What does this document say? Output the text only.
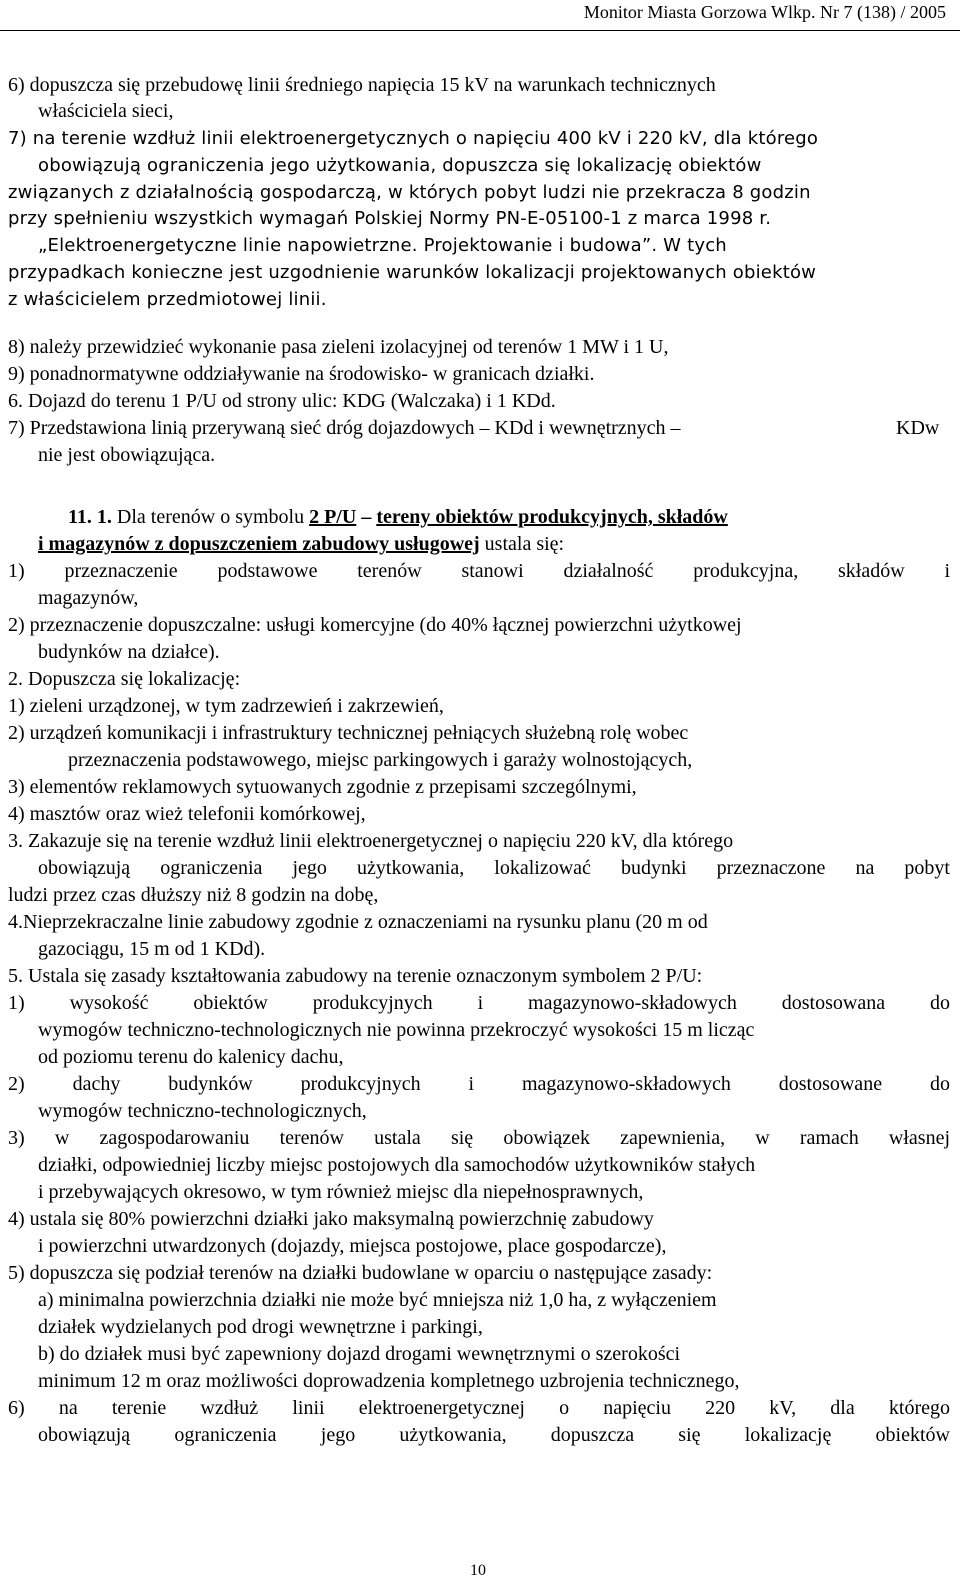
Monitor Miasta Gorzowa Wlkp. Nr 7 (138) / 2005
6) dopuszcza się przebudowę linii średniego napięcia 15 kV na warunkach technicznych
właściciela sieci,
7) na terenie wzdłuż linii elektroenergetycznych o napięciu 400 kV i 220 kV, dla którego
obowiązują ograniczenia jego użytkowania, dopuszcza się lokalizację obiektów
związanych z działalnością gospodarczą, w których pobyt ludzi nie przekracza 8 godzin
przy spełnieniu wszystkich wymagań Polskiej Normy PN-E-05100-1 z marca 1998 r.
„Elektroenergetyczne linie napowietrzne. Projektowanie i budowa”. W tych
przypadkach konieczne jest uzgodnienie warunków lokalizacji projektowanych obiektów
z właścicielem przedmiotowej linii.
8) należy przewidzieć wykonanie pasa zieleni izolacyjnej od terenów 1 MW i 1 U,
9) ponadnormatywne oddziaływanie na środowisko- w granicach działki.
6. Dojazd do terenu 1 P/U od strony ulic: KDG (Walczaka) i 1 KDd.
7) Przedstawiona linią przerywaną sieć dróg dojazdowych – KDd i wewnętrznych –	KDw
nie jest obowiązująca.
11. 1. Dla terenów o symbolu 2 P/U – tereny obiektów produkcyjnych, składów
i magazynów z dopuszczeniem zabudowy usługowej ustala się:
1) przeznaczenie podstawowe terenów stanowi działalność produkcyjna, składów i
magazynów,
2) przeznaczenie dopuszczalne: usługi komercyjne (do 40% łącznej powierzchni użytkowej
budynków na działce).
2. Dopuszcza się lokalizację:
1) zieleni urządzonej, w tym zadrzewień i zakrzewień,
2) urządzeń komunikacji i infrastruktury technicznej pełniących służebną rolę wobec
przeznaczenia podstawowego, miejsc parkingowych i garaży wolnostojących,
3) elementów reklamowych sytuowanych zgodnie z przepisami szczególnymi,
4) masztów oraz wież telefonii komórkowej,
3. Zakazuje się na terenie wzdłuż linii elektroenergetycznej o napięciu 220 kV, dla którego
obowiązują ograniczenia jego użytkowania, lokalizować budynki przeznaczone na pobyt
ludzi przez czas dłuższy niż 8 godzin na dobę,
4.Nieprzekraczalne linie zabudowy zgodnie z oznaczeniami na rysunku planu (20 m od
gazociągu, 15 m od 1 KDd).
5. Ustala się zasady kształtowania zabudowy na terenie oznaczonym symbolem 2 P/U:
1) wysokość obiektów produkcyjnych i magazynowo-składowych dostosowana do
wymogów techniczno-technologicznych nie powinna przekroczyć wysokości 15 m licząc
od poziomu terenu do kalenicy dachu,
2) dachy budynków produkcyjnych i magazynowo-składowych dostosowane do
wymogów techniczno-technologicznych,
3) w zagospodarowaniu terenów ustala się obowiązek zapewnienia, w ramach własnej
działki, odpowiedniej liczby miejsc postojowych dla samochodów użytkowników stałych
i przebywających okresowo, w tym również miejsc dla niepełnosprawnych,
4) ustala się 80% powierzchni działki jako maksymalną powierzchnię zabudowy
i powierzchni utwardzonych (dojazdy, miejsca postojowe, place gospodarcze),
5) dopuszcza się podział terenów na działki budowlane w oparciu o następujące zasady:
a) minimalna powierzchnia działki nie może być mniejsza niż 1,0 ha, z wyłączeniem
działek wydzielanych pod drogi wewnętrzne i parkingi,
b) do działek musi być zapewniony dojazd drogami wewnętrznymi o szerokości
minimum 12 m oraz możliwości doprowadzenia kompletnego uzbrojenia technicznego,
6) na terenie wzdłuż linii elektroenergetycznej o napięciu 220 kV, dla którego
obowiązują ograniczenia jego użytkowania, dopuszcza się lokalizację obiektów
10
